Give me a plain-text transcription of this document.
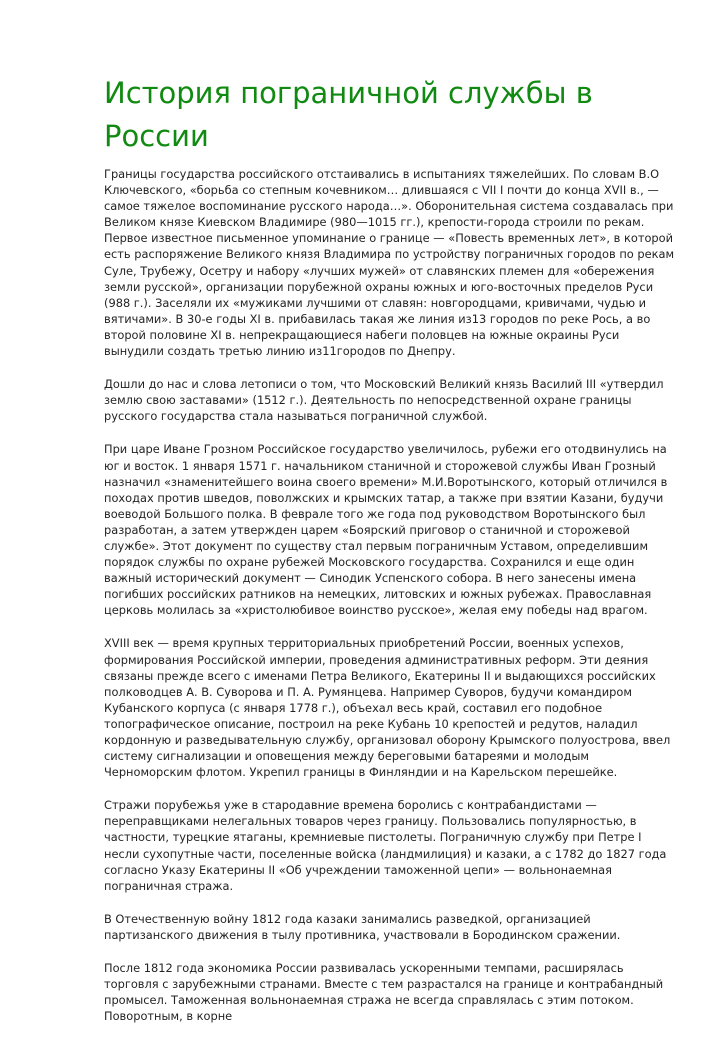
История пограничной службы в России

Границы государства российского отстаивались в испытаниях тяжелейших. По словам В.О Ключевского, «борьба со степным кочевником… длившаяся с VII I почти до конца XVII в., — самое тяжелое воспоминание русского народа…». Оборонительная система создавалась при Великом князе Киевском Владимире (980—1015 гг.), крепости-города строили по рекам. Первое известное письменное упоминание о границе — «Повесть временных лет», в которой есть распоряжение Великого князя Владимира по устройству пограничных городов по рекам Суле, Трубежу, Осетру и набору «лучших мужей» от славянских племен для «обережения земли русской», организации порубежной охраны южных и юго-восточных пределов Руси (988 г.). Заселяли их «мужиками лучшими от славян: новгородцами, кривичами, чудью и вятичами». В 30-е годы XI в. прибавилась такая же линия из13 городов по реке Рось, а во второй половине XI в. непрекращающиеся набеги половцев на южные окраины Руси вынудили создать третью линию из11городов по Днепру.

Дошли до нас и слова летописи о том, что Московский Великий князь Василий III «утвердил землю свою заставами» (1512 г.). Деятельность по непосредственной охране границы русского государства стала называться пограничной службой.

При царе Иване Грозном Российское государство увеличилось, рубежи его отодвинулись на юг и восток. 1 января 1571 г. начальником станичной и сторожевой службы Иван Грозный назначил «знаменитейшего воина своего времени» М.И.Воротынского, который отличился в походах против шведов, поволжских и крымских татар, а также при взятии Казани, будучи воеводой Большого полка. В феврале того же года под руководством Воротынского был разработан, а затем утвержден царем «Боярский приговор о станичной и сторожевой службе». Этот документ по существу стал первым пограничным Уставом, определившим порядок службы по охране рубежей Московского государства. Сохранился и еще один важный исторический документ — Синодик Успенского собора. В него занесены имена погибших российских ратников на немецких, литовских и южных рубежах. Православная церковь молилась за «христолюбивое воинство русское», желая ему победы над врагом.

XVIII век — время крупных территориальных приобретений России, военных успехов, формирования Российской империи, проведения административных реформ. Эти деяния связаны прежде всего с именами Петра Великого, Екатерины II и выдающихся российских полководцев А. В. Суворова и П. А. Румянцева. Например Суворов, будучи командиром Кубанского корпуса (с января 1778 г.), объехал весь край, составил его подобное топографическое описание, построил на реке Кубань 10 крепостей и редутов, наладил кордонную и разведывательную службу, организовал оборону Крымского полуострова, ввел систему сигнализации и оповещения между береговыми батареями и молодым Черноморским флотом. Укрепил границы в Финляндии и на Карельском перешейке.

Стражи порубежья уже в стародавние времена боролись с контрабандистами — переправщиками нелегальных товаров через границу. Пользовались популярностью, в частности, турецкие ятаганы, кремниевые пистолеты. Пограничную службу при Петре I несли сухопутные части, поселенные войска (ландмилиция) и казаки, а с 1782 до 1827 года согласно Указу Екатерины II «Об учреждении таможенной цепи» — вольнонаемная пограничная стража.

В Отечественную войну 1812 года казаки занимались разведкой, организацией партизанского движения в тылу противника, участвовали в Бородинском сражении.

После 1812 года экономика России развивалась ускоренными темпами, расширялась торговля с зарубежными странами. Вместе с тем разрастался на границе и контрабандный промысел. Таможенная вольнонаемная стража не всегда справлялась с этим потоком. Поворотным, в корне
